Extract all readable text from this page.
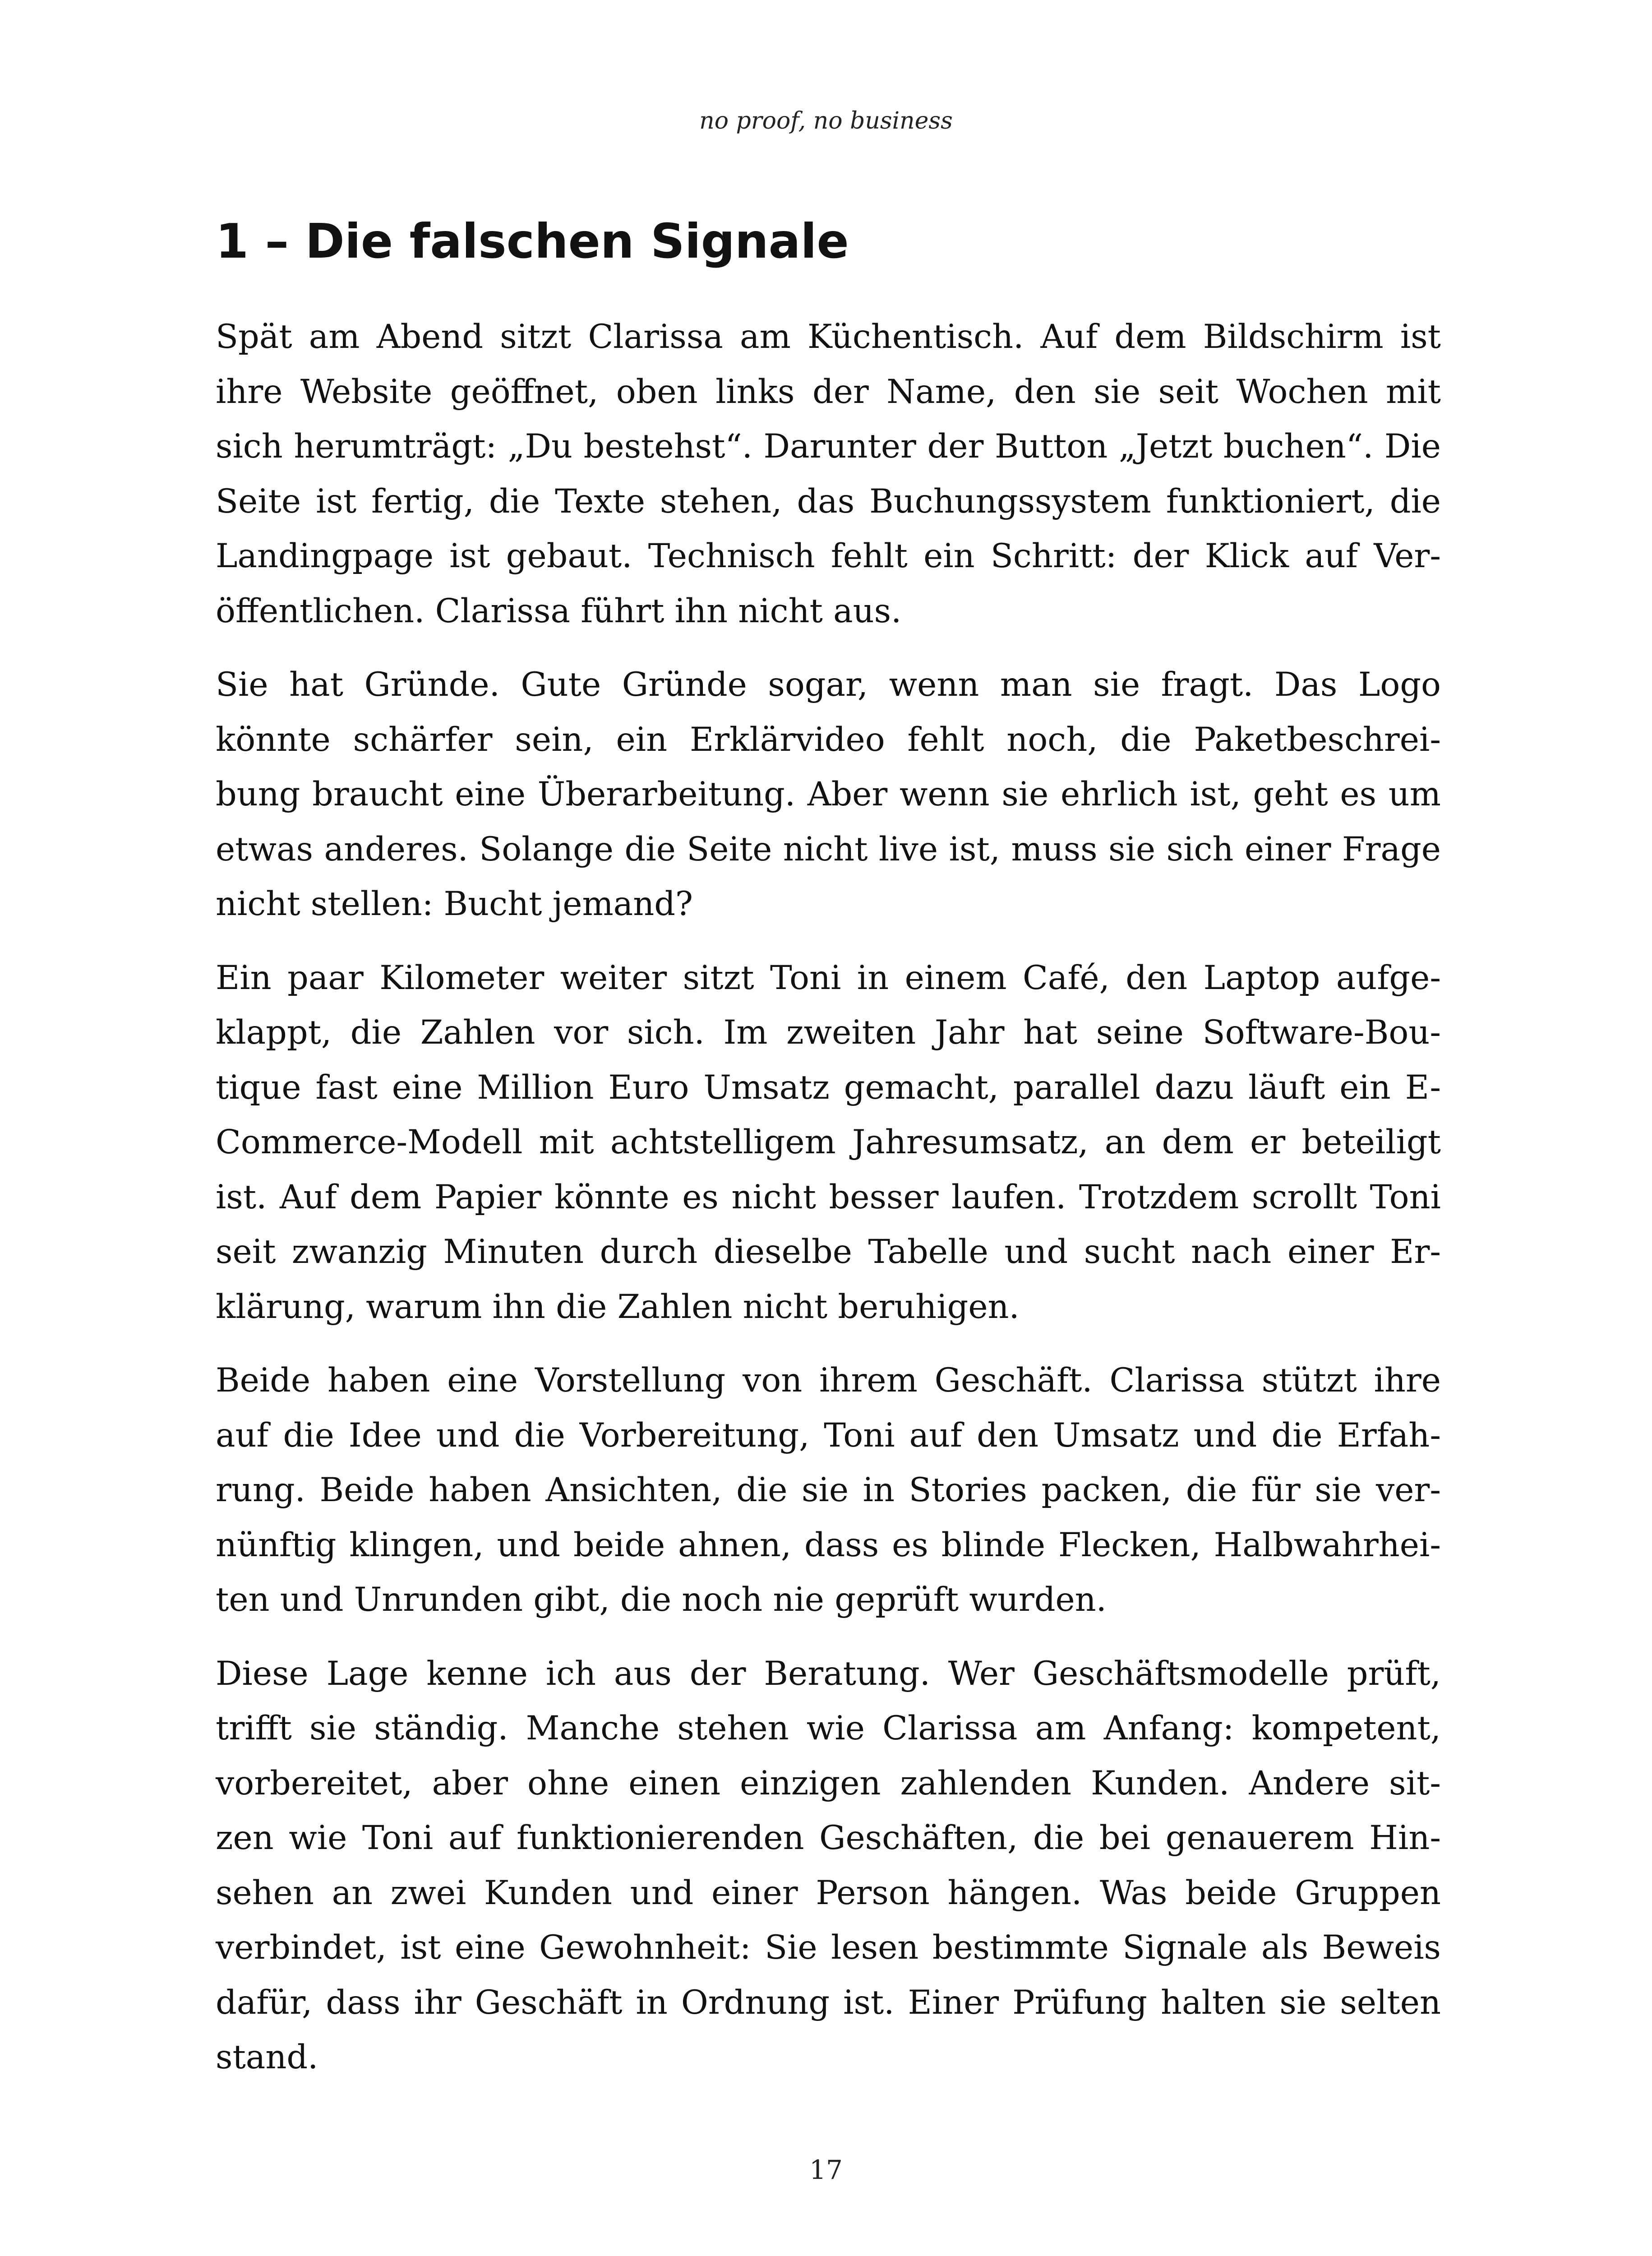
no proof, no business
1 – Die falschen Signale

Spät am Abend sitzt Clarissa am Küchentisch. Auf dem Bildschirm ist
ihre Website geöffnet, oben links der Name, den sie seit Wochen mit
sich herumträgt: „Du bestehst“. Darunter der Button „Jetzt buchen“. Die
Seite ist fertig, die Texte stehen, das Buchungssystem funktioniert, die
Landingpage ist gebaut. Technisch fehlt ein Schritt: der Klick auf Ver-
öffentlichen. Clarissa führt ihn nicht aus.

Sie hat Gründe. Gute Gründe sogar, wenn man sie fragt. Das Logo
könnte schärfer sein, ein Erklärvideo fehlt noch, die Paketbeschrei-
bung braucht eine Überarbeitung. Aber wenn sie ehrlich ist, geht es um
etwas anderes. Solange die Seite nicht live ist, muss sie sich einer Frage
nicht stellen: Bucht jemand?

Ein paar Kilometer weiter sitzt Toni in einem Café, den Laptop aufge-
klappt, die Zahlen vor sich. Im zweiten Jahr hat seine Software-Bou-
tique fast eine Million Euro Umsatz gemacht, parallel dazu läuft ein E-
Commerce-Modell mit achtstelligem Jahresumsatz, an dem er beteiligt
ist. Auf dem Papier könnte es nicht besser laufen. Trotzdem scrollt Toni
seit zwanzig Minuten durch dieselbe Tabelle und sucht nach einer Er-
klärung, warum ihn die Zahlen nicht beruhigen.

Beide haben eine Vorstellung von ihrem Geschäft. Clarissa stützt ihre
auf die Idee und die Vorbereitung, Toni auf den Umsatz und die Erfah-
rung. Beide haben Ansichten, die sie in Stories packen, die für sie ver-
nünftig klingen, und beide ahnen, dass es blinde Flecken, Halbwahrhei-
ten und Unrunden gibt, die noch nie geprüft wurden.

Diese Lage kenne ich aus der Beratung. Wer Geschäftsmodelle prüft,
trifft sie ständig. Manche stehen wie Clarissa am Anfang: kompetent,
vorbereitet, aber ohne einen einzigen zahlenden Kunden. Andere sit-
zen wie Toni auf funktionierenden Geschäften, die bei genauerem Hin-
sehen an zwei Kunden und einer Person hängen. Was beide Gruppen
verbindet, ist eine Gewohnheit: Sie lesen bestimmte Signale als Beweis
dafür, dass ihr Geschäft in Ordnung ist. Einer Prüfung halten sie selten
stand.

17
